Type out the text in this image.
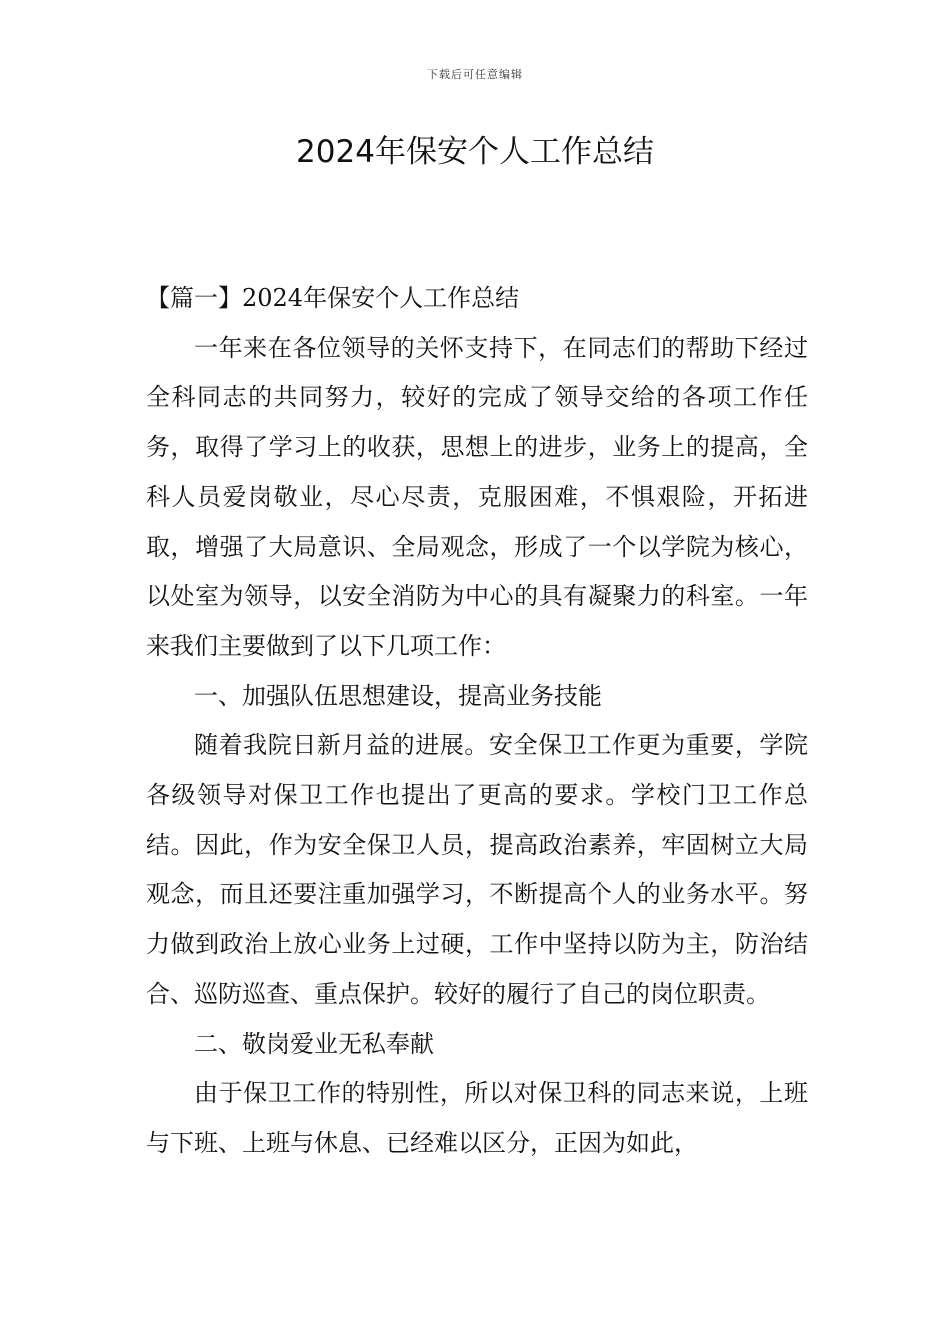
下载后可任意编辑
2024年保安个人工作总结

【篇一】2024年保安个人工作总结

一年来在各位领导的关怀支持下，在同志们的帮助下经过全科同志的共同努力，较好的完成了领导交给的各项工作任务，取得了学习上的收获，思想上的进步，业务上的提高，全科人员爱岗敬业，尽心尽责，克服困难，不惧艰险，开拓进取，增强了大局意识、全局观念，形成了一个以学院为核心，以处室为领导，以安全消防为中心的具有凝聚力的科室。一年来我们主要做到了以下几项工作：

一、加强队伍思想建设，提高业务技能

随着我院日新月益的进展。安全保卫工作更为重要，学院各级领导对保卫工作也提出了更高的要求。学校门卫工作总结。因此，作为安全保卫人员，提高政治素养，牢固树立大局观念，而且还要注重加强学习，不断提高个人的业务水平。努力做到政治上放心业务上过硬，工作中坚持以防为主，防治结合、巡防巡查、重点保护。较好的履行了自己的岗位职责。

二、敬岗爱业无私奉献

由于保卫工作的特别性，所以对保卫科的同志来说，上班与下班、上班与休息、已经难以区分，正因为如此，
